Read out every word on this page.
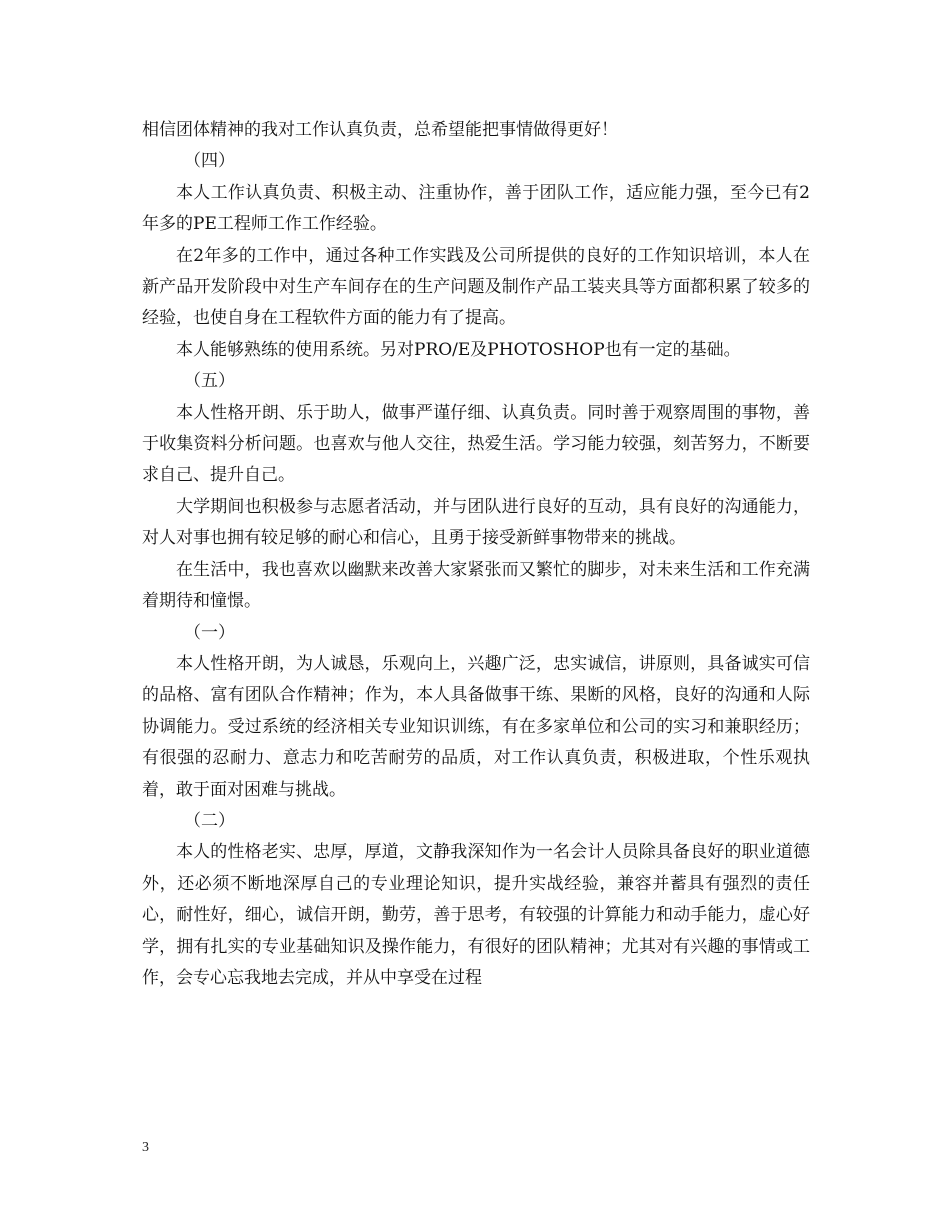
相信团体精神的我对工作认真负责，总希望能把事情做得更好！

（四）

本人工作认真负责、积极主动、注重协作，善于团队工作，适应能力强，至今已有2年多的PE工程师工作工作经验。

在2年多的工作中，通过各种工作实践及公司所提供的良好的工作知识培训，本人在新产品开发阶段中对生产车间存在的生产问题及制作产品工装夹具等方面都积累了较多的经验，也使自身在工程软件方面的能力有了提高。

本人能够熟练的使用系统。另对PRO/E及PHOTOSHOP也有一定的基础。

（五）

本人性格开朗、乐于助人，做事严谨仔细、认真负责。同时善于观察周围的事物，善于收集资料分析问题。也喜欢与他人交往，热爱生活。学习能力较强，刻苦努力，不断要求自己、提升自己。

大学期间也积极参与志愿者活动，并与团队进行良好的互动，具有良好的沟通能力，对人对事也拥有较足够的耐心和信心，且勇于接受新鲜事物带来的挑战。

在生活中，我也喜欢以幽默来改善大家紧张而又繁忙的脚步，对未来生活和工作充满着期待和憧憬。

（一）

本人性格开朗，为人诚恳，乐观向上，兴趣广泛，忠实诚信，讲原则，具备诚实可信的品格、富有团队合作精神；作为，本人具备做事干练、果断的风格，良好的沟通和人际协调能力。受过系统的经济相关专业知识训练，有在多家单位和公司的实习和兼职经历；有很强的忍耐力、意志力和吃苦耐劳的品质，对工作认真负责，积极进取，个性乐观执着，敢于面对困难与挑战。

（二）

本人的性格老实、忠厚，厚道，文静我深知作为一名会计人员除具备良好的职业道德外，还必须不断地深厚自己的专业理论知识，提升实战经验，兼容并蓄具有强烈的责任心，耐性好，细心，诚信开朗，勤劳，善于思考，有较强的计算能力和动手能力，虚心好学，拥有扎实的专业基础知识及操作能力，有很好的团队精神；尤其对有兴趣的事情或工作，会专心忘我地去完成，并从中享受在过程

3
